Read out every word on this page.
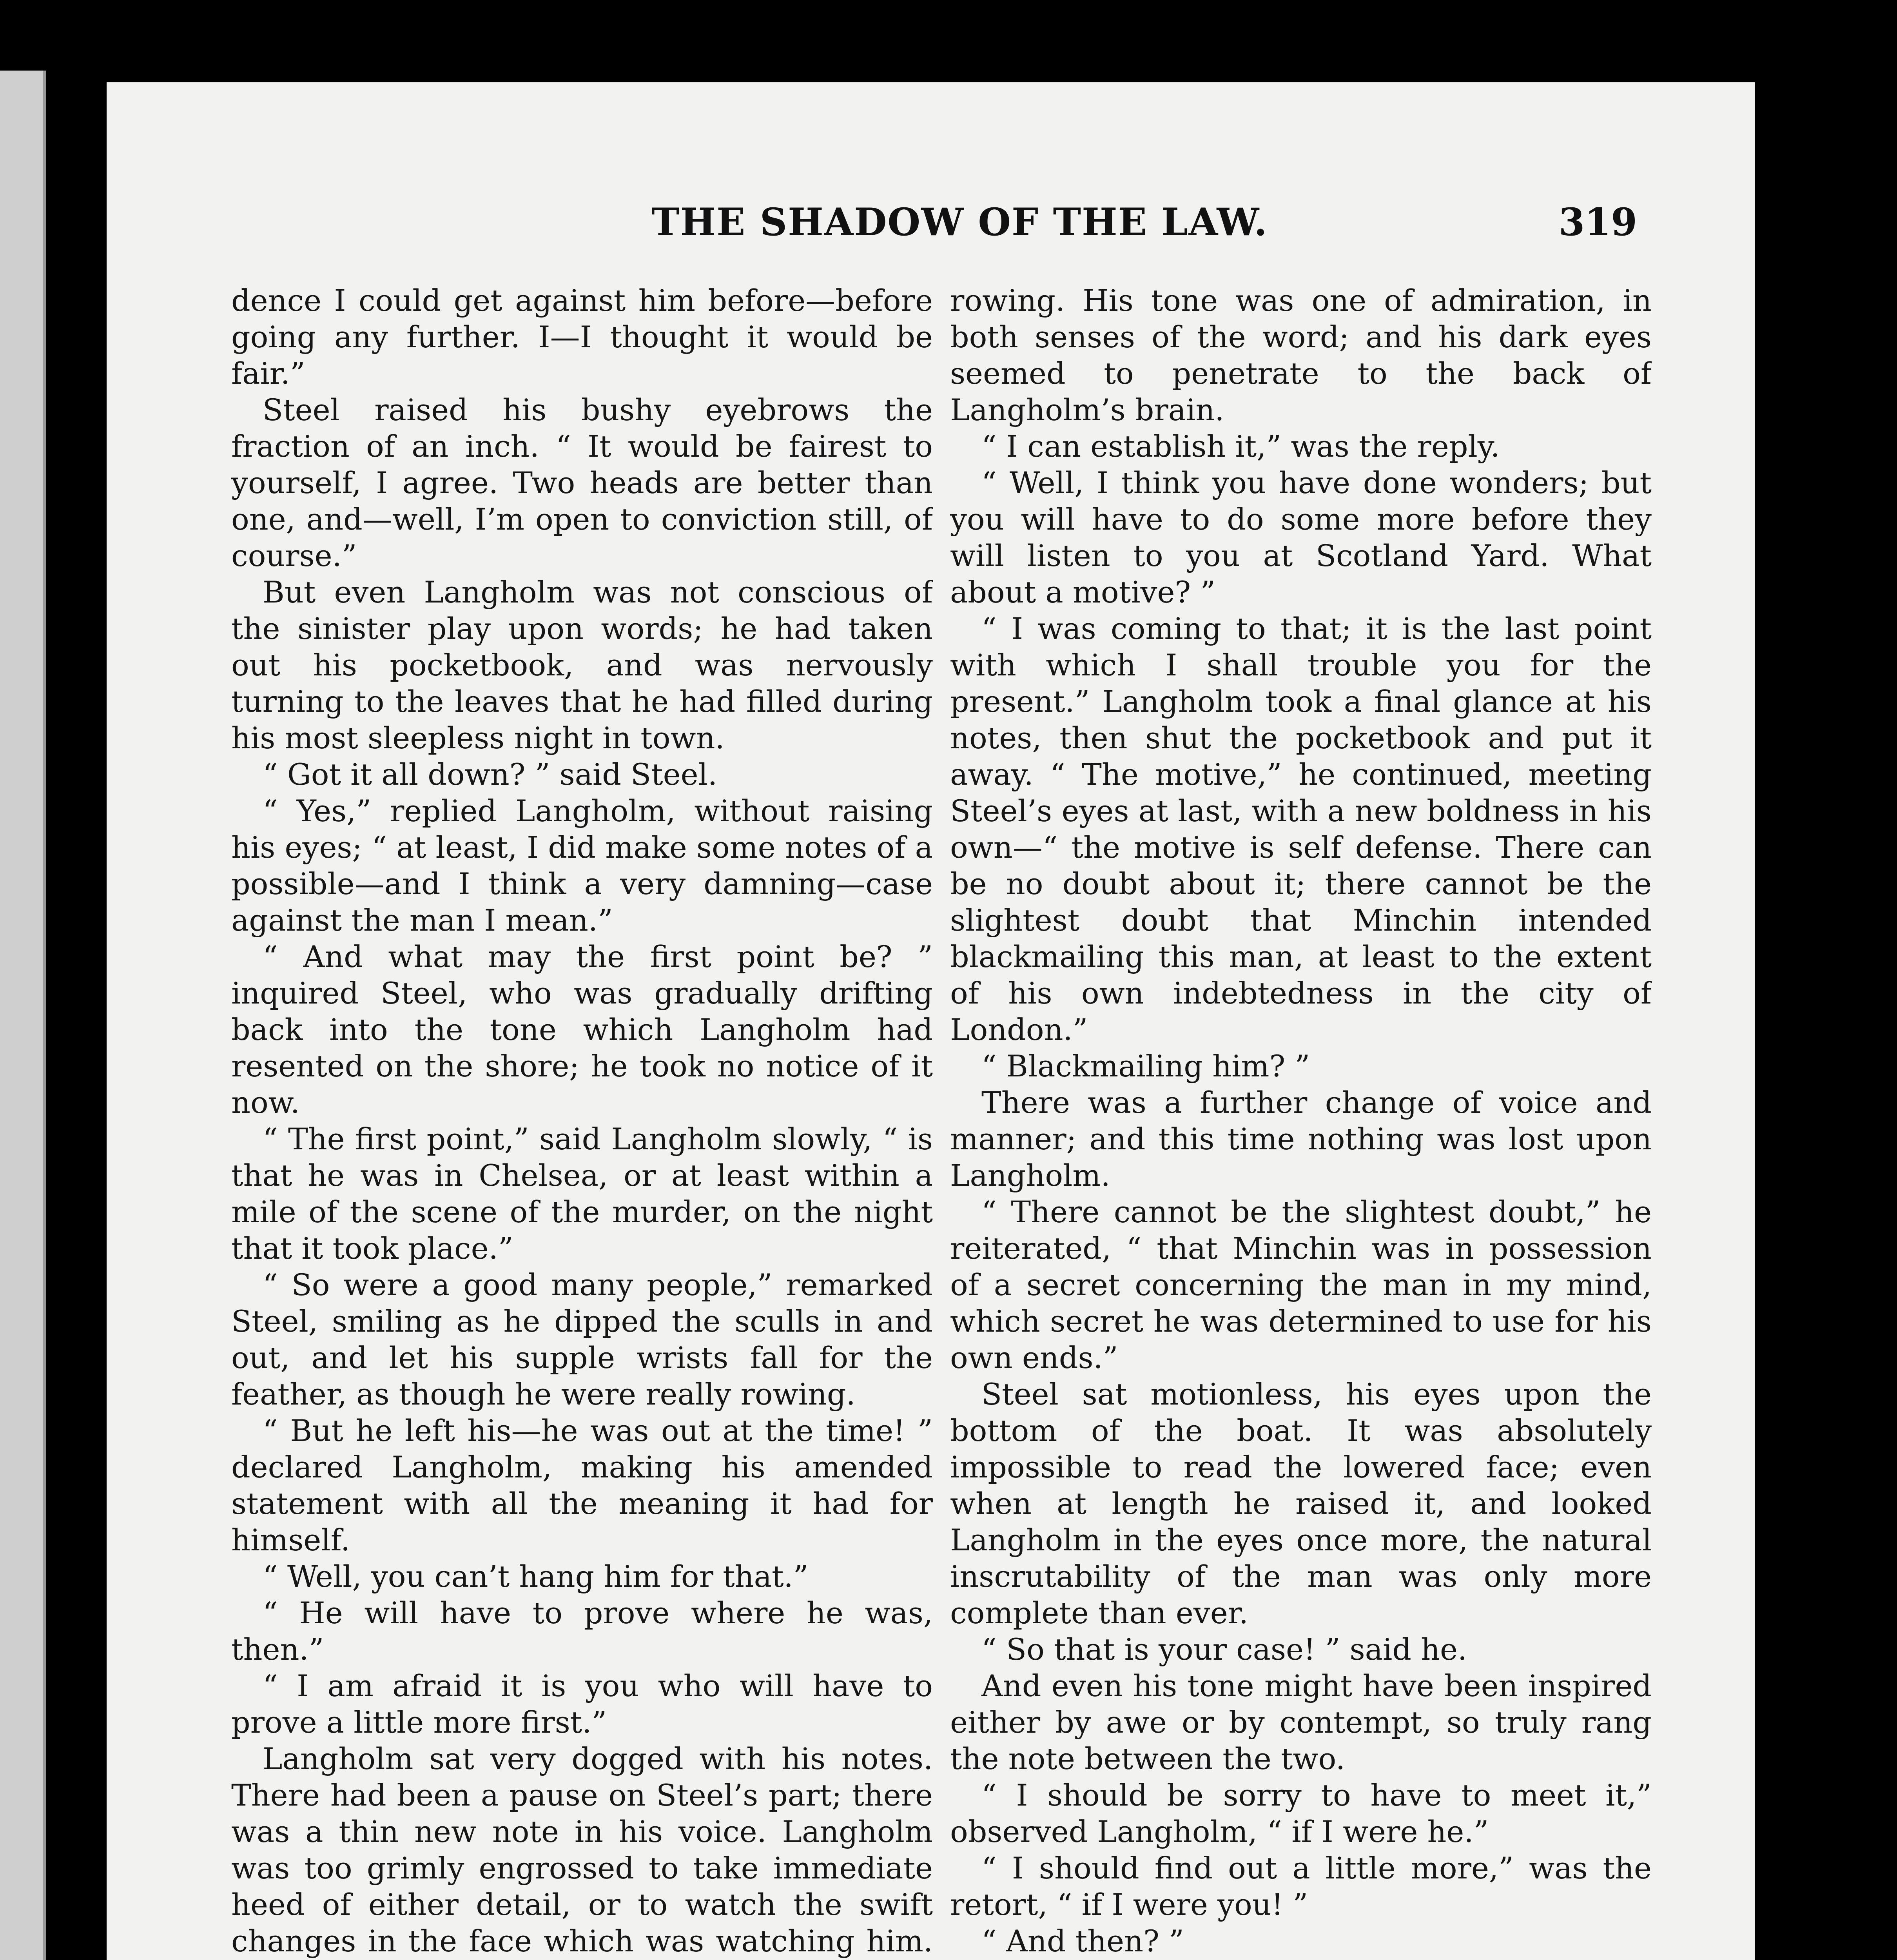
THE SHADOW OF THE LAW.	319

dence I could get against him before—before going any further. I—I thought it would be fair.”

Steel raised his bushy eyebrows the fraction of an inch. “ It would be fairest to yourself, I agree. Two heads are better than one, and—well, I’m open to conviction still, of course.”

But even Langholm was not conscious of the sinister play upon words; he had taken out his pocketbook, and was nervously turning to the leaves that he had filled during his most sleepless night in town.

“ Got it all down? ” said Steel.

“ Yes,” replied Langholm, without raising his eyes; “ at least, I did make some notes of a possible—and I think a very damning—case against the man I mean.”

“ And what may the first point be? ” inquired Steel, who was gradually drifting back into the tone which Langholm had resented on the shore; he took no notice of it now.

“ The first point,” said Langholm slowly, “ is that he was in Chelsea, or at least within a mile of the scene of the murder, on the night that it took place.”

“ So were a good many people,” remarked Steel, smiling as he dipped the sculls in and out, and let his supple wrists fall for the feather, as though he were really rowing.

“ But he left his—he was out at the time! ” declared Langholm, making his amended statement with all the meaning it had for himself.

“ Well, you can’t hang him for that.”

“ He will have to prove where he was, then.”

“ I am afraid it is you who will have to prove a little more first.”

Langholm sat very dogged with his notes. There had been a pause on Steel’s part; there was a thin new note in his voice. Langholm was too grimly engrossed to take immediate heed of either detail, or to watch the swift changes in the face which was watching him.

rowing. His tone was one of admiration, in both senses of the word; and his dark eyes seemed to penetrate to the back of Langholm’s brain.

“ I can establish it,” was the reply.

“ Well, I think you have done wonders; but you will have to do some more before they will listen to you at Scotland Yard. What about a motive? ”

“ I was coming to that; it is the last point with which I shall trouble you for the present.” Langholm took a final glance at his notes, then shut the pocketbook and put it away. “ The motive,” he continued, meeting Steel’s eyes at last, with a new boldness in his own—“ the motive is self defense. There can be no doubt about it; there cannot be the slightest doubt that Minchin intended blackmailing this man, at least to the extent of his own indebtedness in the city of London.”

“ Blackmailing him? ”

There was a further change of voice and manner; and this time nothing was lost upon Langholm.

“ There cannot be the slightest doubt,” he reiterated, “ that Minchin was in possession of a secret concerning the man in my mind, which secret he was determined to use for his own ends.”

Steel sat motionless, his eyes upon the bottom of the boat. It was absolutely impossible to read the lowered face; even when at length he raised it, and looked Langholm in the eyes once more, the natural inscrutability of the man was only more complete than ever.

“ So that is your case! ” said he.

And even his tone might have been inspired either by awe or by contempt, so truly rang the note between the two.

“ I should be sorry to have to meet it,” observed Langholm, “ if I were he.”

“ I should find out a little more,” was the retort, “ if I were you! ”

“ And then? ”
